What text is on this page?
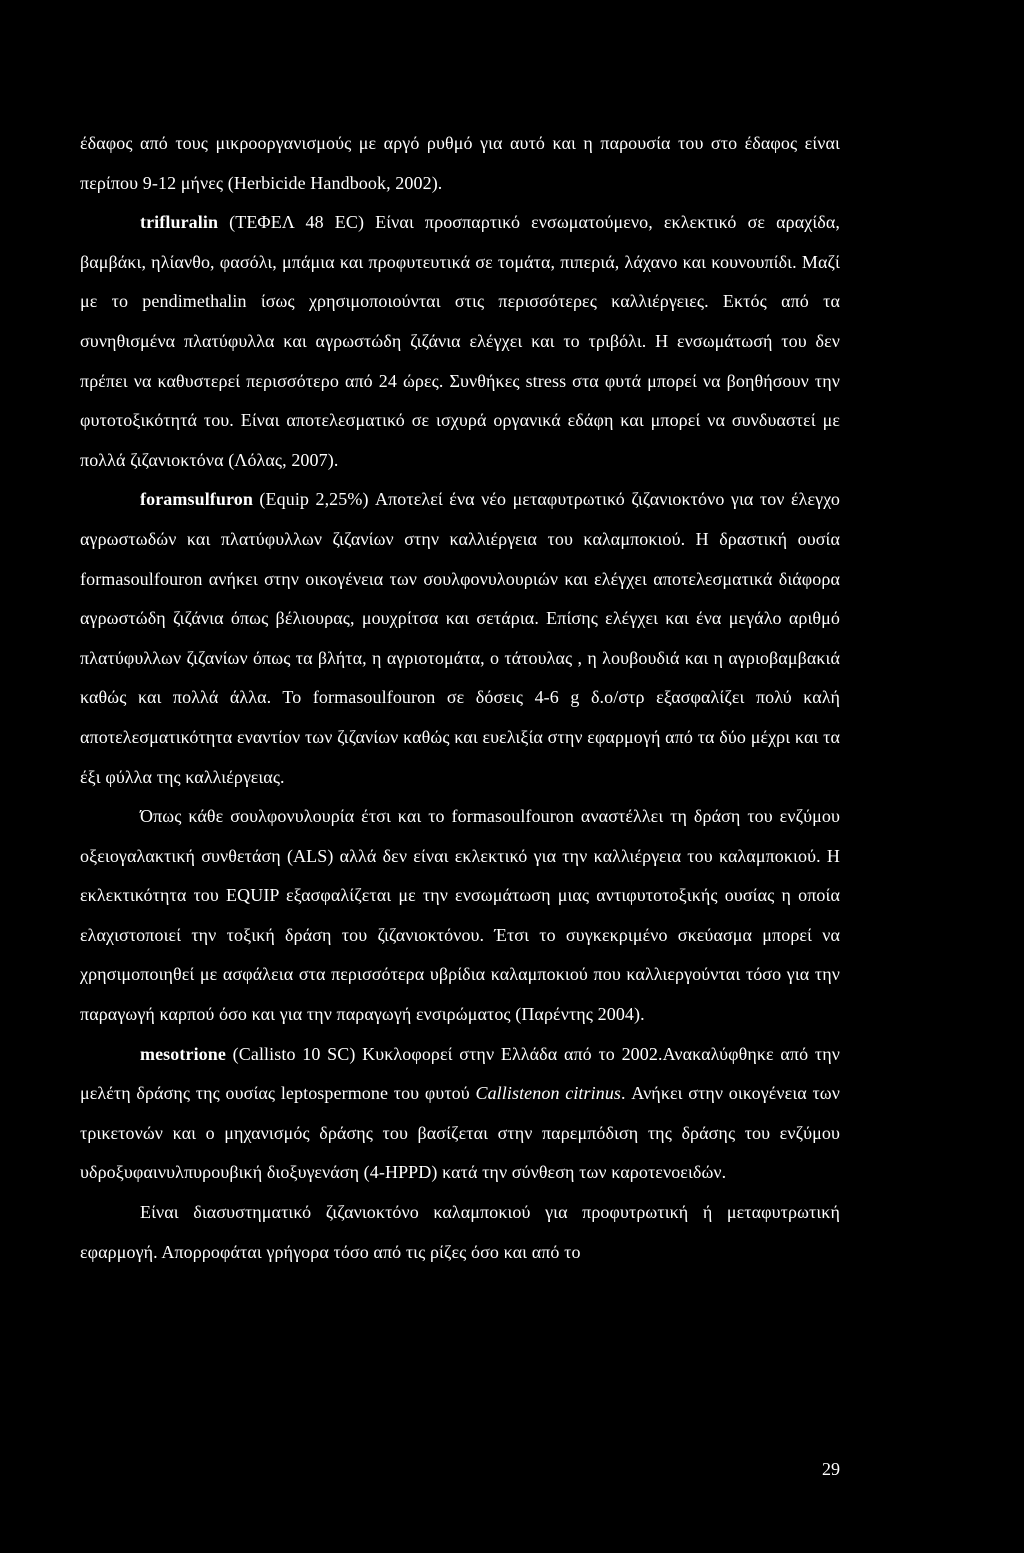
έδαφος από τους μικροοργανισμούς με αργό ρυθμό για αυτό και η παρουσία του στο έδαφος είναι περίπου 9-12 μήνες (Herbicide Handbook, 2002).

trifluralin (ΤΕΦΕΛ 48 EC) Είναι προσπαρτικό ενσωματούμενο, εκλεκτικό σε αραχίδα, βαμβάκι, ηλίανθο, φασόλι, μπάμια και προφυτευτικά σε τομάτα, πιπεριά, λάχανο και κουνουπίδι. Μαζί με το pendimethalin ίσως χρησιμοποιούνται στις περισσότερες καλλιέργειες. Εκτός από τα συνηθισμένα πλατύφυλλα και αγρωστώδη ζιζάνια ελέγχει και το τριβόλι. Η ενσωμάτωσή του δεν πρέπει να καθυστερεί περισσότερο από 24 ώρες. Συνθήκες stress στα φυτά μπορεί να βοηθήσουν την φυτοτοξικότητά του. Είναι αποτελεσματικό σε ισχυρά οργανικά εδάφη και μπορεί να συνδυαστεί με πολλά ζιζανιοκτόνα (Λόλας, 2007).

foramsulfuron (Equip 2,25%) Αποτελεί ένα νέο μεταφυτρωτικό ζιζανιοκτόνο για τον έλεγχο αγρωστωδών και πλατύφυλλων ζιζανίων στην καλλιέργεια του καλαμποκιού. Η δραστική ουσία formasoulfouron ανήκει στην οικογένεια των σουλφονυλουριών και ελέγχει αποτελεσματικά διάφορα αγρωστώδη ζιζάνια όπως βέλιουρας, μουχρίτσα και σετάρια. Επίσης ελέγχει και ένα μεγάλο αριθμό πλατύφυλλων ζιζανίων όπως τα βλήτα, η αγριοτομάτα, ο τάτουλας , η λουβουδιά και η αγριοβαμβακιά καθώς και πολλά άλλα. Το formasoulfouron σε δόσεις 4-6 g δ.ο/στρ εξασφαλίζει πολύ καλή αποτελεσματικότητα εναντίον των ζιζανίων καθώς και ευελιξία στην εφαρμογή από τα δύο μέχρι και τα έξι φύλλα της καλλιέργειας.

Όπως κάθε σουλφονυλουρία έτσι και το formasoulfouron αναστέλλει τη δράση του ενζύμου οξειογαλακτική συνθετάση (ALS) αλλά δεν είναι εκλεκτικό για την καλλιέργεια του καλαμποκιού. Η εκλεκτικότητα του EQUIP εξασφαλίζεται με την ενσωμάτωση μιας αντιφυτοτοξικής ουσίας η οποία ελαχιστοποιεί την τοξική δράση του ζιζανιοκτόνου. Έτσι το συγκεκριμένο σκεύασμα μπορεί να χρησιμοποιηθεί με ασφάλεια στα περισσότερα υβρίδια καλαμποκιού που καλλιεργούνται τόσο για την παραγωγή καρπού όσο και για την παραγωγή ενσιρώματος (Παρέντης 2004).

mesotrione (Callisto 10 SC) Κυκλοφορεί στην Ελλάδα από το 2002.Ανακαλύφθηκε από την μελέτη δράσης της ουσίας leptospermone του φυτού Callistenon citrinus. Ανήκει στην οικογένεια των τρικετονών και ο μηχανισμός δράσης του βασίζεται στην παρεμπόδιση της δράσης του ενζύμου υδροξυφαινυλπυρουβική διοξυγενάση (4-HPPD) κατά την σύνθεση των καροτενοειδών.

Είναι διασυστηματικό ζιζανιοκτόνο καλαμποκιού για προφυτρωτική ή μεταφυτρωτική εφαρμογή. Απορροφάται γρήγορα τόσο από τις ρίζες όσο και από το

29
